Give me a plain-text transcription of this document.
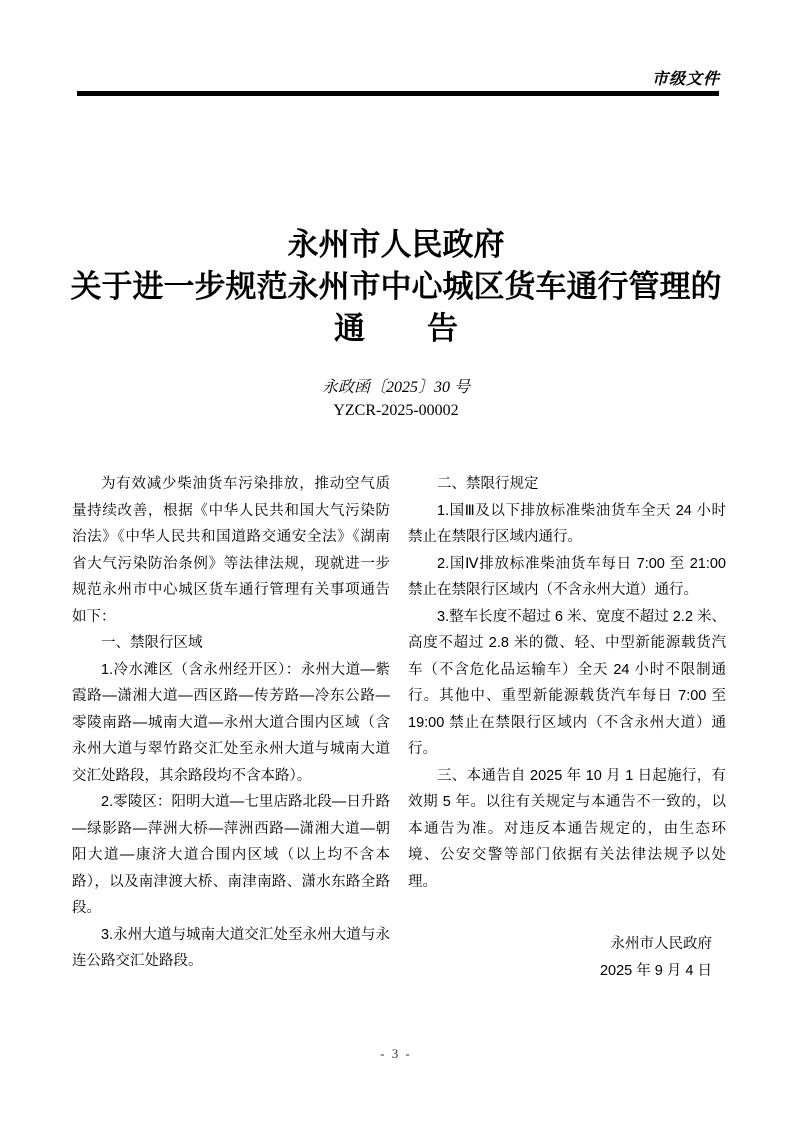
市级文件
永州市人民政府
关于进一步规范永州市中心城区货车通行管理的
通　　告
永政函〔2025〕30 号
YZCR-2025-00002

为有效减少柴油货车污染排放，推动空气质量持续改善，根据《中华人民共和国大气污染防治法》《中华人民共和国道路交通安全法》《湖南省大气污染防治条例》等法律法规，现就进一步规范永州市中心城区货车通行管理有关事项通告如下：

一、禁限行区域

1.冷水滩区（含永州经开区）：永州大道—紫霞路—潇湘大道—西区路—传芳路—冷东公路—零陵南路—城南大道—永州大道合围内区域（含永州大道与翠竹路交汇处至永州大道与城南大道交汇处路段，其余路段均不含本路）。

2.零陵区：阳明大道—七里店路北段—日升路—绿影路—萍洲大桥—萍洲西路—潇湘大道—朝阳大道—康济大道合围内区域（以上均不含本路），以及南津渡大桥、南津南路、潇水东路全路段。

3.永州大道与城南大道交汇处至永州大道与永连公路交汇处路段。

二、禁限行规定

1.国Ⅲ及以下排放标准柴油货车全天 24 小时禁止在禁限行区域内通行。

2.国Ⅳ排放标准柴油货车每日 7:00 至 21:00 禁止在禁限行区域内（不含永州大道）通行。

3.整车长度不超过 6 米、宽度不超过 2.2 米、高度不超过 2.8 米的微、轻、中型新能源载货汽车（不含危化品运输车）全天 24 小时不限制通行。其他中、重型新能源载货汽车每日 7:00 至 19:00 禁止在禁限行区域内（不含永州大道）通行。

三、本通告自 2025 年 10 月 1 日起施行，有效期 5 年。以往有关规定与本通告不一致的，以本通告为准。对违反本通告规定的，由生态环境、公安交警等部门依据有关法律法规予以处理。

永州市人民政府
2025 年 9 月 4 日
- 3 -
